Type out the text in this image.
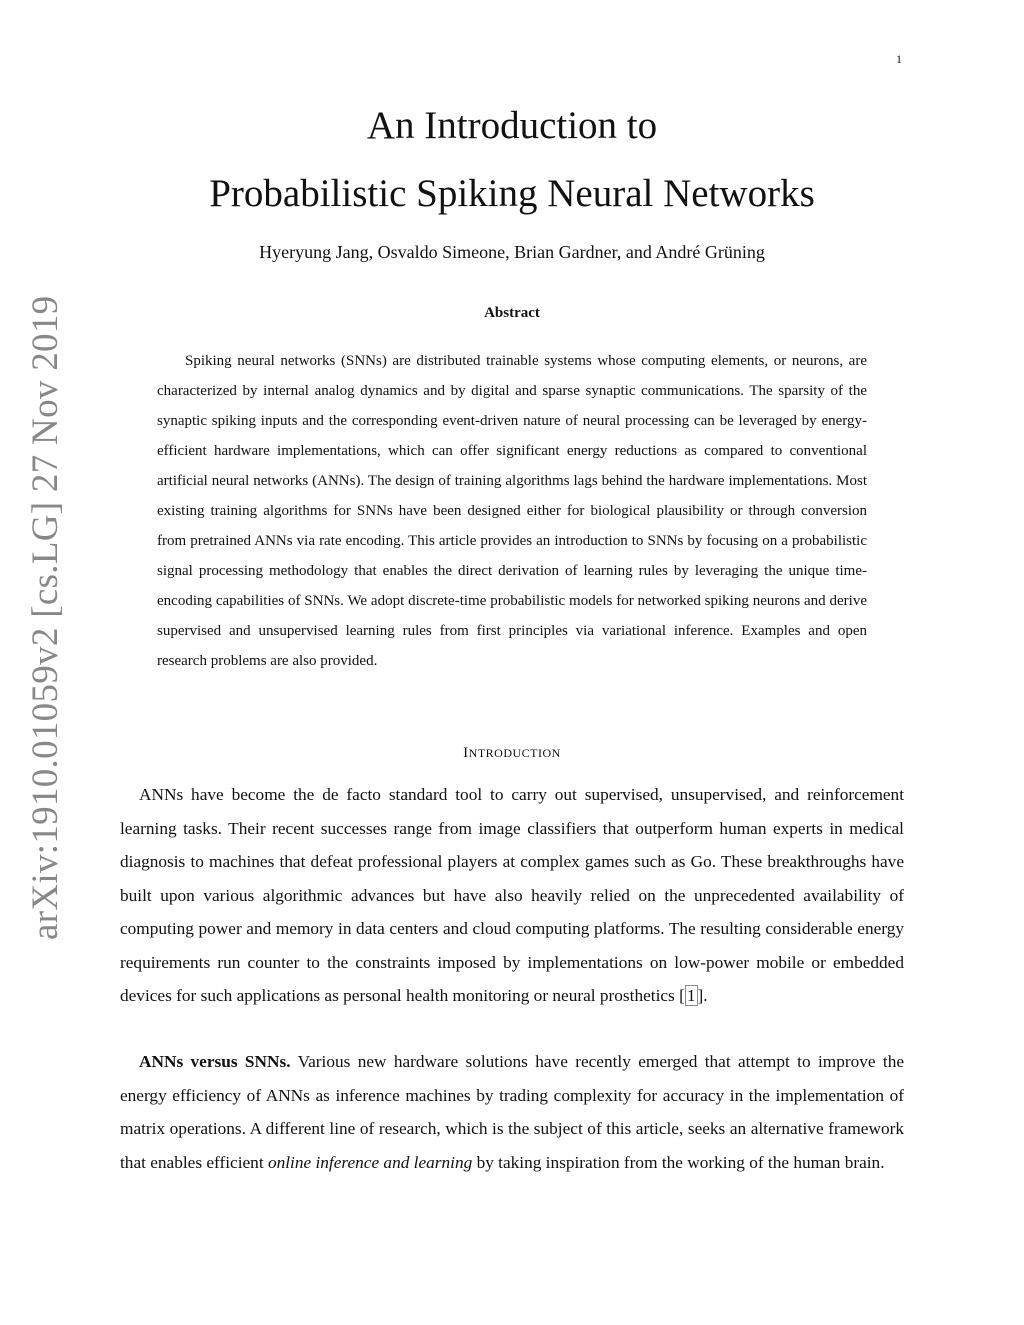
1
An Introduction to
Probabilistic Spiking Neural Networks
Hyeryung Jang, Osvaldo Simeone, Brian Gardner, and André Grüning
Abstract

Spiking neural networks (SNNs) are distributed trainable systems whose computing elements, or neurons, are characterized by internal analog dynamics and by digital and sparse synaptic communications. The sparsity of the synaptic spiking inputs and the corresponding event-driven nature of neural processing can be leveraged by energy-efficient hardware implementations, which can offer significant energy reductions as compared to conventional artificial neural networks (ANNs). The design of training algorithms lags behind the hardware implementations. Most existing training algorithms for SNNs have been designed either for biological plausibility or through conversion from pretrained ANNs via rate encoding. This article provides an introduction to SNNs by focusing on a probabilistic signal processing methodology that enables the direct derivation of learning rules by leveraging the unique time-encoding capabilities of SNNs. We adopt discrete-time probabilistic models for networked spiking neurons and derive supervised and unsupervised learning rules from first principles via variational inference. Examples and open research problems are also provided.

INTRODUCTION

ANNs have become the de facto standard tool to carry out supervised, unsupervised, and reinforcement learning tasks. Their recent successes range from image classifiers that outperform human experts in medical diagnosis to machines that defeat professional players at complex games such as Go. These breakthroughs have built upon various algorithmic advances but have also heavily relied on the unprecedented availability of computing power and memory in data centers and cloud computing platforms. The resulting considerable energy requirements run counter to the constraints imposed by implementations on low-power mobile or embedded devices for such applications as personal health monitoring or neural prosthetics [ 1 ].

ANNs versus SNNs. Various new hardware solutions have recently emerged that attempt to improve the energy efficiency of ANNs as inference machines by trading complexity for accuracy in the implementation of matrix operations. A different line of research, which is the subject of this article, seeks an alternative framework that enables efficient online inference and learning by taking inspiration from the working of the human brain.

arXiv:1910.01059v2 [cs.LG] 27 Nov 2019
